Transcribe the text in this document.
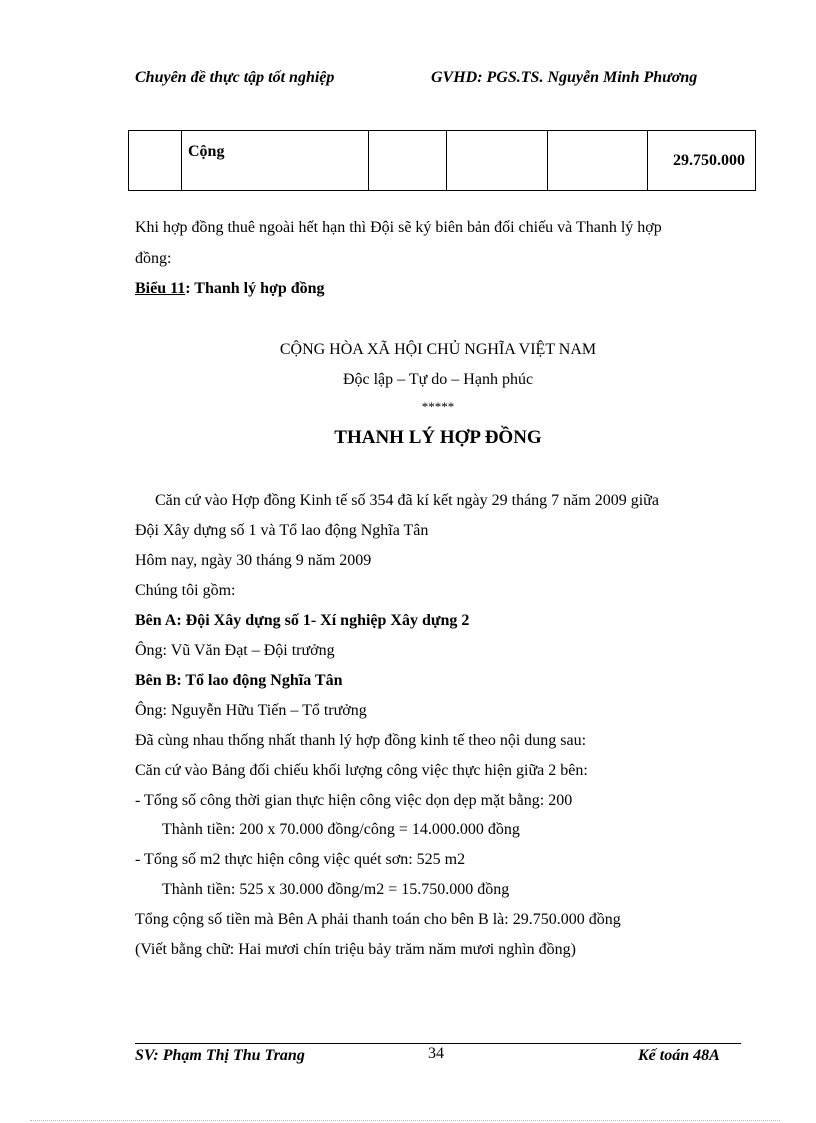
Chuyên đề thực tập tốt nghiệp	GVHD: PGS.TS. Nguyễn Minh Phương
	Cộng				29.750.000
Khi hợp đồng thuê ngoài hết hạn thì Đội sẽ ký biên bản đối chiếu và Thanh lý hợp
đồng:
Biểu 11: Thanh lý hợp đồng
CỘNG HÒA XÃ HỘI CHỦ NGHĨA VIỆT NAM
Độc lập – Tự do – Hạnh phúc
*****
THANH LÝ HỢP ĐỒNG
Căn cứ vào Hợp đồng Kinh tế số 354 đã kí kết ngày 29 tháng 7 năm 2009 giữa
Đội Xây dựng số 1 và Tổ lao động Nghĩa Tân
Hôm nay, ngày 30 tháng 9 năm 2009
Chúng tôi gồm:
Bên A: Đội Xây dựng số 1- Xí nghiệp Xây dựng 2
Ông: Vũ Văn Đạt – Đội trưởng
Bên B: Tổ lao động Nghĩa Tân
Ông: Nguyễn Hữu Tiến – Tổ trưởng
Đã cùng nhau thống nhất thanh lý hợp đồng kinh tế theo nội dung sau:
Căn cứ vào Bảng đối chiếu khối lượng công việc thực hiện giữa 2 bên:
- Tổng số công thời gian thực hiện công việc dọn dẹp mặt bằng: 200
Thành tiền: 200 x 70.000 đồng/công = 14.000.000 đồng
- Tổng số m2 thực hiện công việc quét sơn: 525 m2
Thành tiền: 525 x 30.000 đồng/m2 = 15.750.000 đồng
Tổng cộng số tiền mà Bên A phải thanh toán cho bên B là: 29.750.000 đồng
(Viết bằng chữ: Hai mươi chín triệu bảy trăm năm mươi nghìn đồng)
SV: Phạm Thị Thu Trang	34	Kế toán 48A
